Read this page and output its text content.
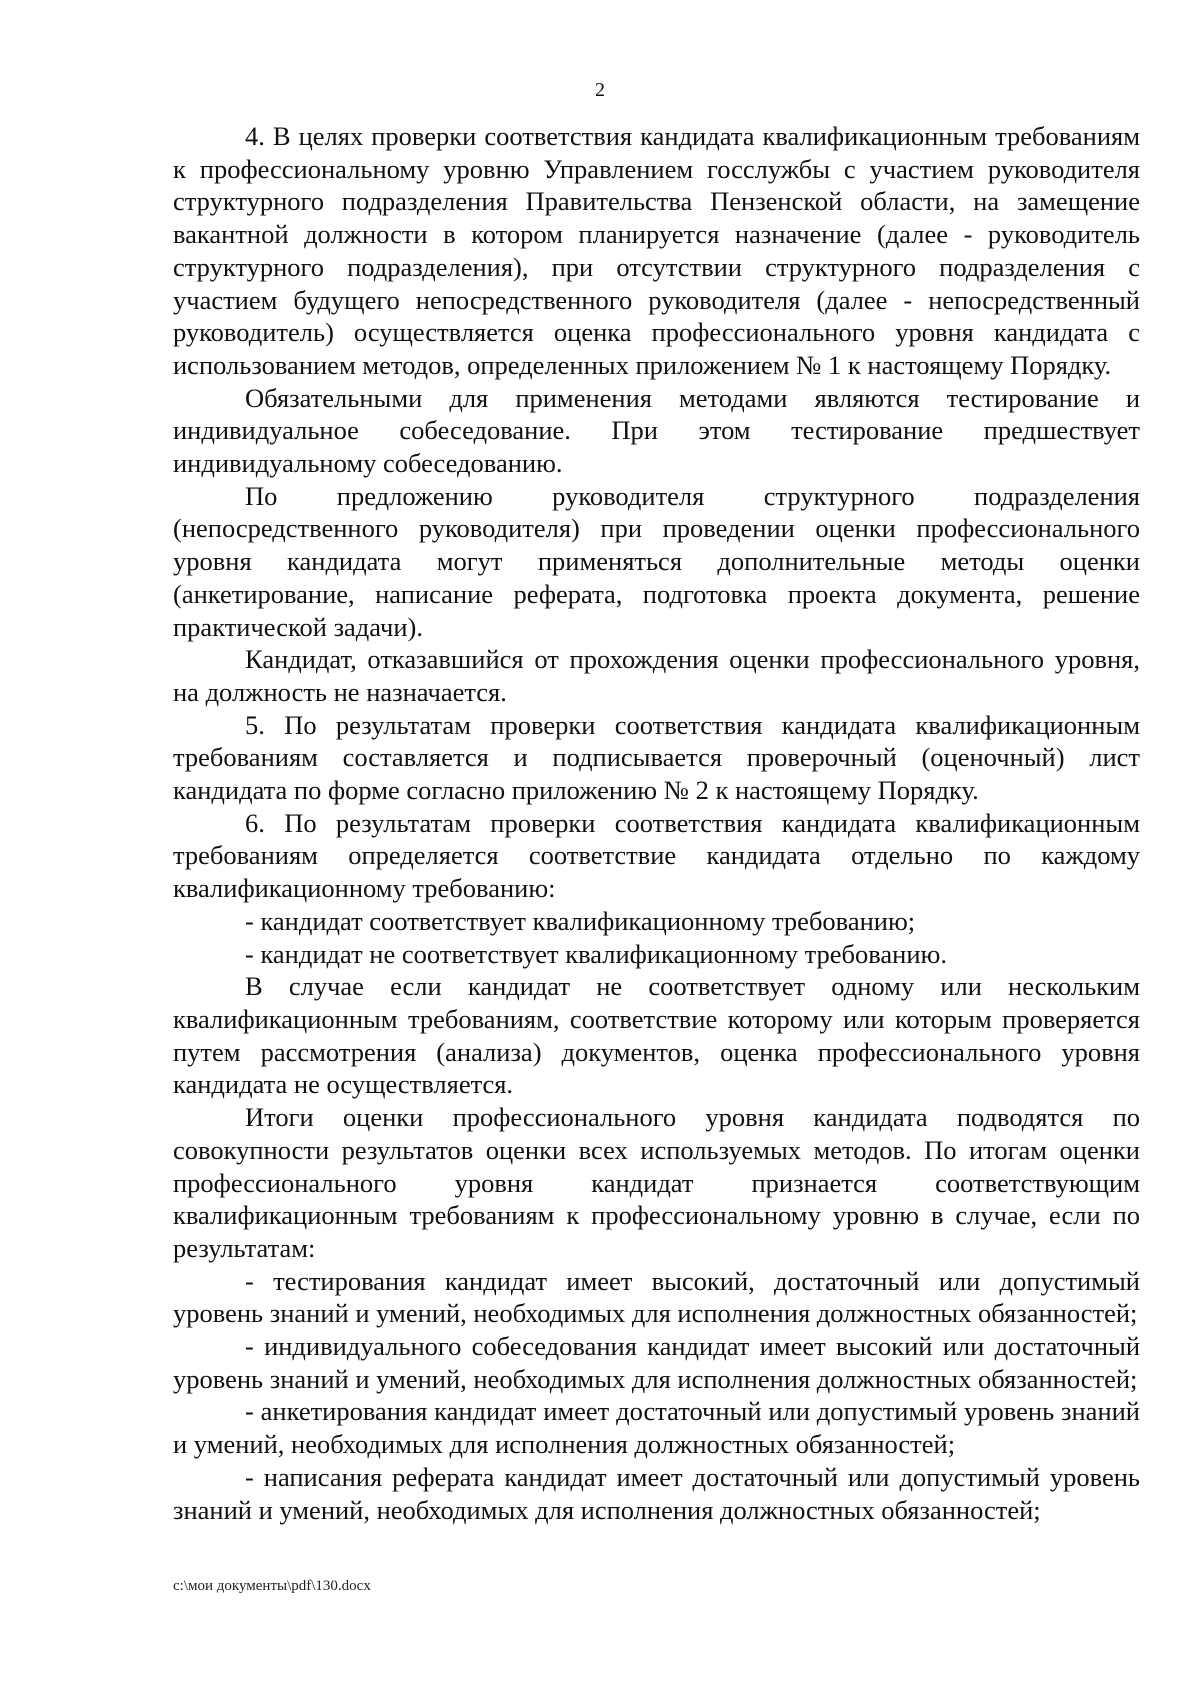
2

4. В целях проверки соответствия кандидата квалификационным требованиям к профессиональному уровню Управлением госслужбы с участием руководителя структурного подразделения Правительства Пензенской области, на замещение вакантной должности в котором планируется назначение (далее - руководитель структурного подразделения), при отсутствии структурного подразделения с участием будущего непосредственного руководителя (далее - непосредственный руководитель) осуществляется оценка профессионального уровня кандидата с использованием методов, определенных приложением № 1 к настоящему Порядку.

Обязательными для применения методами являются тестирование и индивидуальное собеседование. При этом тестирование предшествует индивидуальному собеседованию.

По предложению руководителя структурного подразделения (непосредственного руководителя) при проведении оценки профессионального уровня кандидата могут применяться дополнительные методы оценки (анкетирование, написание реферата, подготовка проекта документа, решение практической задачи).

Кандидат, отказавшийся от прохождения оценки профессионального уровня, на должность не назначается.

5. По результатам проверки соответствия кандидата квалификационным требованиям составляется и подписывается проверочный (оценочный) лист кандидата по форме согласно приложению № 2 к настоящему Порядку.

6. По результатам проверки соответствия кандидата квалификационным требованиям определяется соответствие кандидата отдельно по каждому квалификационному требованию:

- кандидат соответствует квалификационному требованию;

- кандидат не соответствует квалификационному требованию.

В случае если кандидат не соответствует одному или нескольким квалификационным требованиям, соответствие которому или которым проверяется путем рассмотрения (анализа) документов, оценка профессионального уровня кандидата не осуществляется.

Итоги оценки профессионального уровня кандидата подводятся по совокупности результатов оценки всех используемых методов. По итогам оценки профессионального уровня кандидат признается соответствующим квалификационным требованиям к профессиональному уровню в случае, если по результатам:

- тестирования кандидат имеет высокий, достаточный или допустимый уровень знаний и умений, необходимых для исполнения должностных обязанностей;

- индивидуального собеседования кандидат имеет высокий или достаточный уровень знаний и умений, необходимых для исполнения должностных обязанностей;

- анкетирования кандидат имеет достаточный или допустимый уровень знаний и умений, необходимых для исполнения должностных обязанностей;

- написания реферата кандидат имеет достаточный или допустимый уровень знаний и умений, необходимых для исполнения должностных обязанностей;

c:\мои документы\pdf\130.docx
